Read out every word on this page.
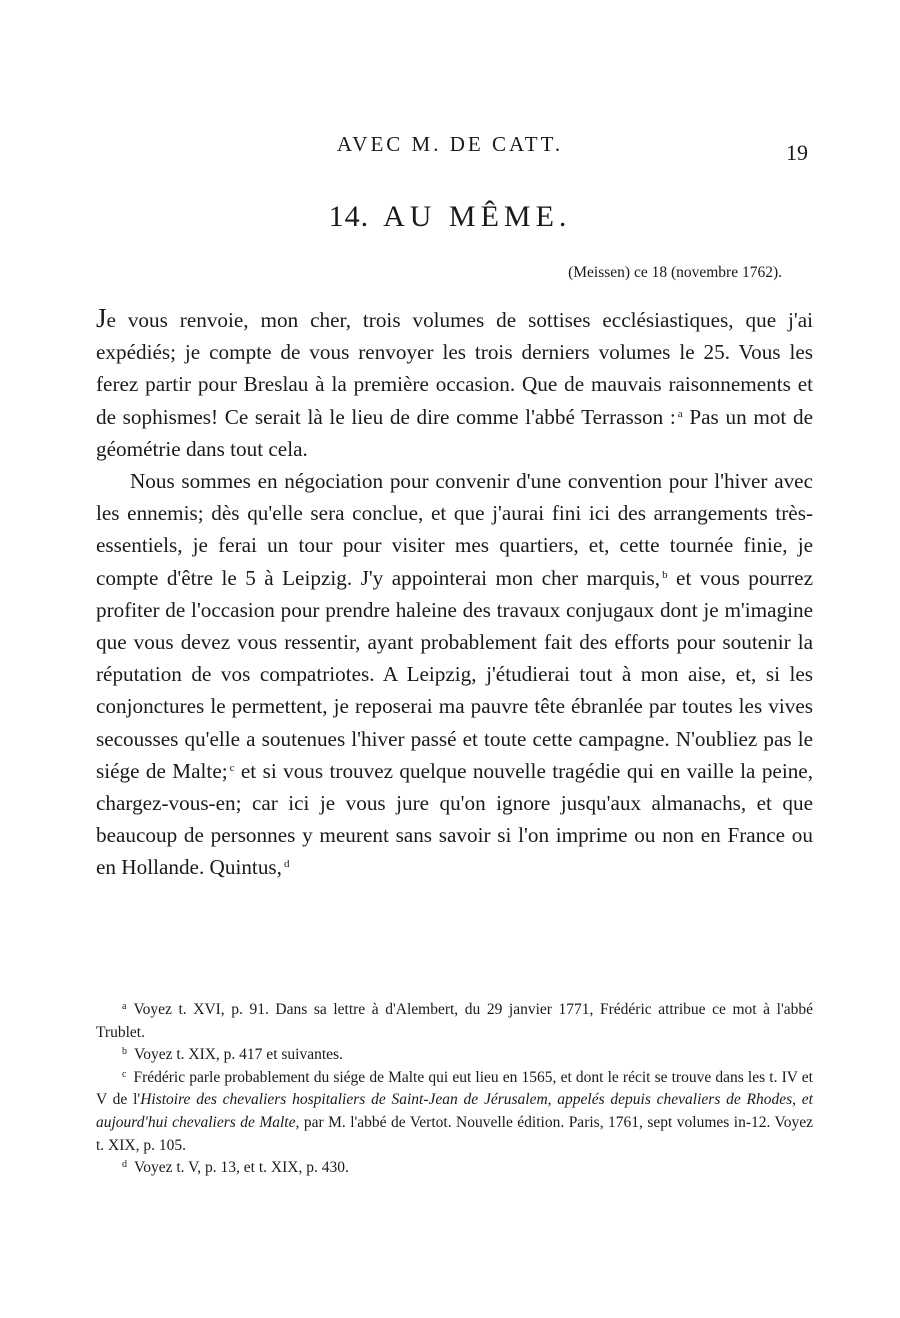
AVEC M. DE CATT.	19
14. AU MÊME.
(Meissen) ce 18 (novembre 1762).

Je vous renvoie, mon cher, trois volumes de sottises ecclésiastiques, que j'ai expédiés; je compte de vous renvoyer les trois derniers volumes le 25. Vous les ferez partir pour Breslau à la première occasion. Que de mauvais raisonnements et de sophismes! Ce serait là le lieu de dire comme l'abbé Terrasson : $^a$ Pas un mot de géométrie dans tout cela.

Nous sommes en négociation pour convenir d'une convention pour l'hiver avec les ennemis; dès qu'elle sera conclue, et que j'aurai fini ici des arrangements très-essentiels, je ferai un tour pour visiter mes quartiers, et, cette tournée finie, je compte d'être le 5 à Leipzig. J'y appointerai mon cher marquis, $^b$ et vous pourrez profiter de l'occasion pour prendre haleine des travaux conjugaux dont je m'imagine que vous devez vous ressentir, ayant probablement fait des efforts pour soutenir la réputation de vos compatriotes. A Leipzig, j'étudierai tout à mon aise, et, si les conjonctures le permettent, je reposerai ma pauvre tête ébranlée par toutes les vives secousses qu'elle a soutenues l'hiver passé et toute cette campagne. N'oubliez pas le siége de Malte; $^c$ et si vous trouvez quelque nouvelle tragédie qui en vaille la peine, chargez-vous-en; car ici je vous jure qu'on ignore jusqu'aux almanachs, et que beaucoup de personnes y meurent sans savoir si l'on imprime ou non en France ou en Hollande. Quintus, $^d$

$^a$ Voyez t. XVI, p. 91. Dans sa lettre à d'Alembert, du 29 janvier 1771, Frédéric attribue ce mot à l'abbé Trublet.

$^b$ Voyez t. XIX, p. 417 et suivantes.

$^c$ Frédéric parle probablement du siége de Malte qui eut lieu en 1565, et dont le récit se trouve dans les t. IV et V de l'Histoire des chevaliers hospitaliers de Saint-Jean de Jérusalem, appelés depuis chevaliers de Rhodes, et aujourd'hui chevaliers de Malte, par M. l'abbé de Vertot. Nouvelle édition. Paris, 1761, sept volumes in-12. Voyez t. XIX, p. 105.

$^d$ Voyez t. V, p. 13, et t. XIX, p. 430.
